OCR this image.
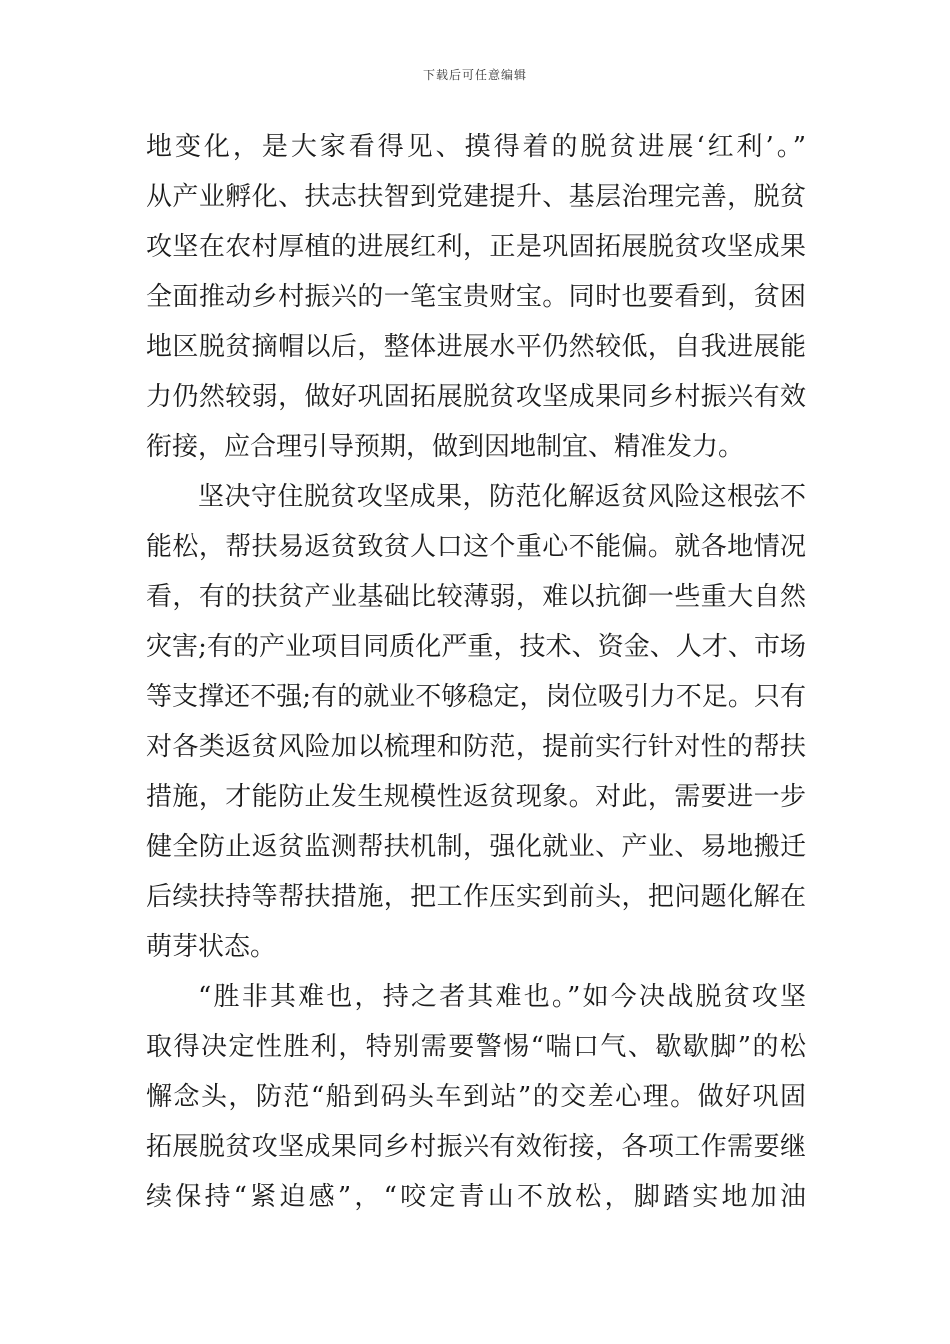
下载后可任意编辑
地变化，是大家看得见、摸得着的脱贫进展‘红利’。”
从产业孵化、扶志扶智到党建提升、基层治理完善，脱贫
攻坚在农村厚植的进展红利，正是巩固拓展脱贫攻坚成果
全面推动乡村振兴的一笔宝贵财宝。同时也要看到，贫困
地区脱贫摘帽以后，整体进展水平仍然较低，自我进展能
力仍然较弱，做好巩固拓展脱贫攻坚成果同乡村振兴有效
衔接，应合理引导预期，做到因地制宜、精准发力。
坚决守住脱贫攻坚成果，防范化解返贫风险这根弦不
能松，帮扶易返贫致贫人口这个重心不能偏。就各地情况
看，有的扶贫产业基础比较薄弱，难以抗御一些重大自然
灾害;有的产业项目同质化严重，技术、资金、人才、市场
等支撑还不强;有的就业不够稳定，岗位吸引力不足。只有
对各类返贫风险加以梳理和防范，提前实行针对性的帮扶
措施，才能防止发生规模性返贫现象。对此，需要进一步
健全防止返贫监测帮扶机制，强化就业、产业、易地搬迁
后续扶持等帮扶措施，把工作压实到前头，把问题化解在
萌芽状态。
“胜非其难也，持之者其难也。”如今决战脱贫攻坚
取得决定性胜利，特别需要警惕“喘口气、歇歇脚”的松
懈念头，防范“船到码头车到站”的交差心理。做好巩固
拓展脱贫攻坚成果同乡村振兴有效衔接，各项工作需要继
续保持“紧迫感”，“咬定青山不放松，脚踏实地加油
